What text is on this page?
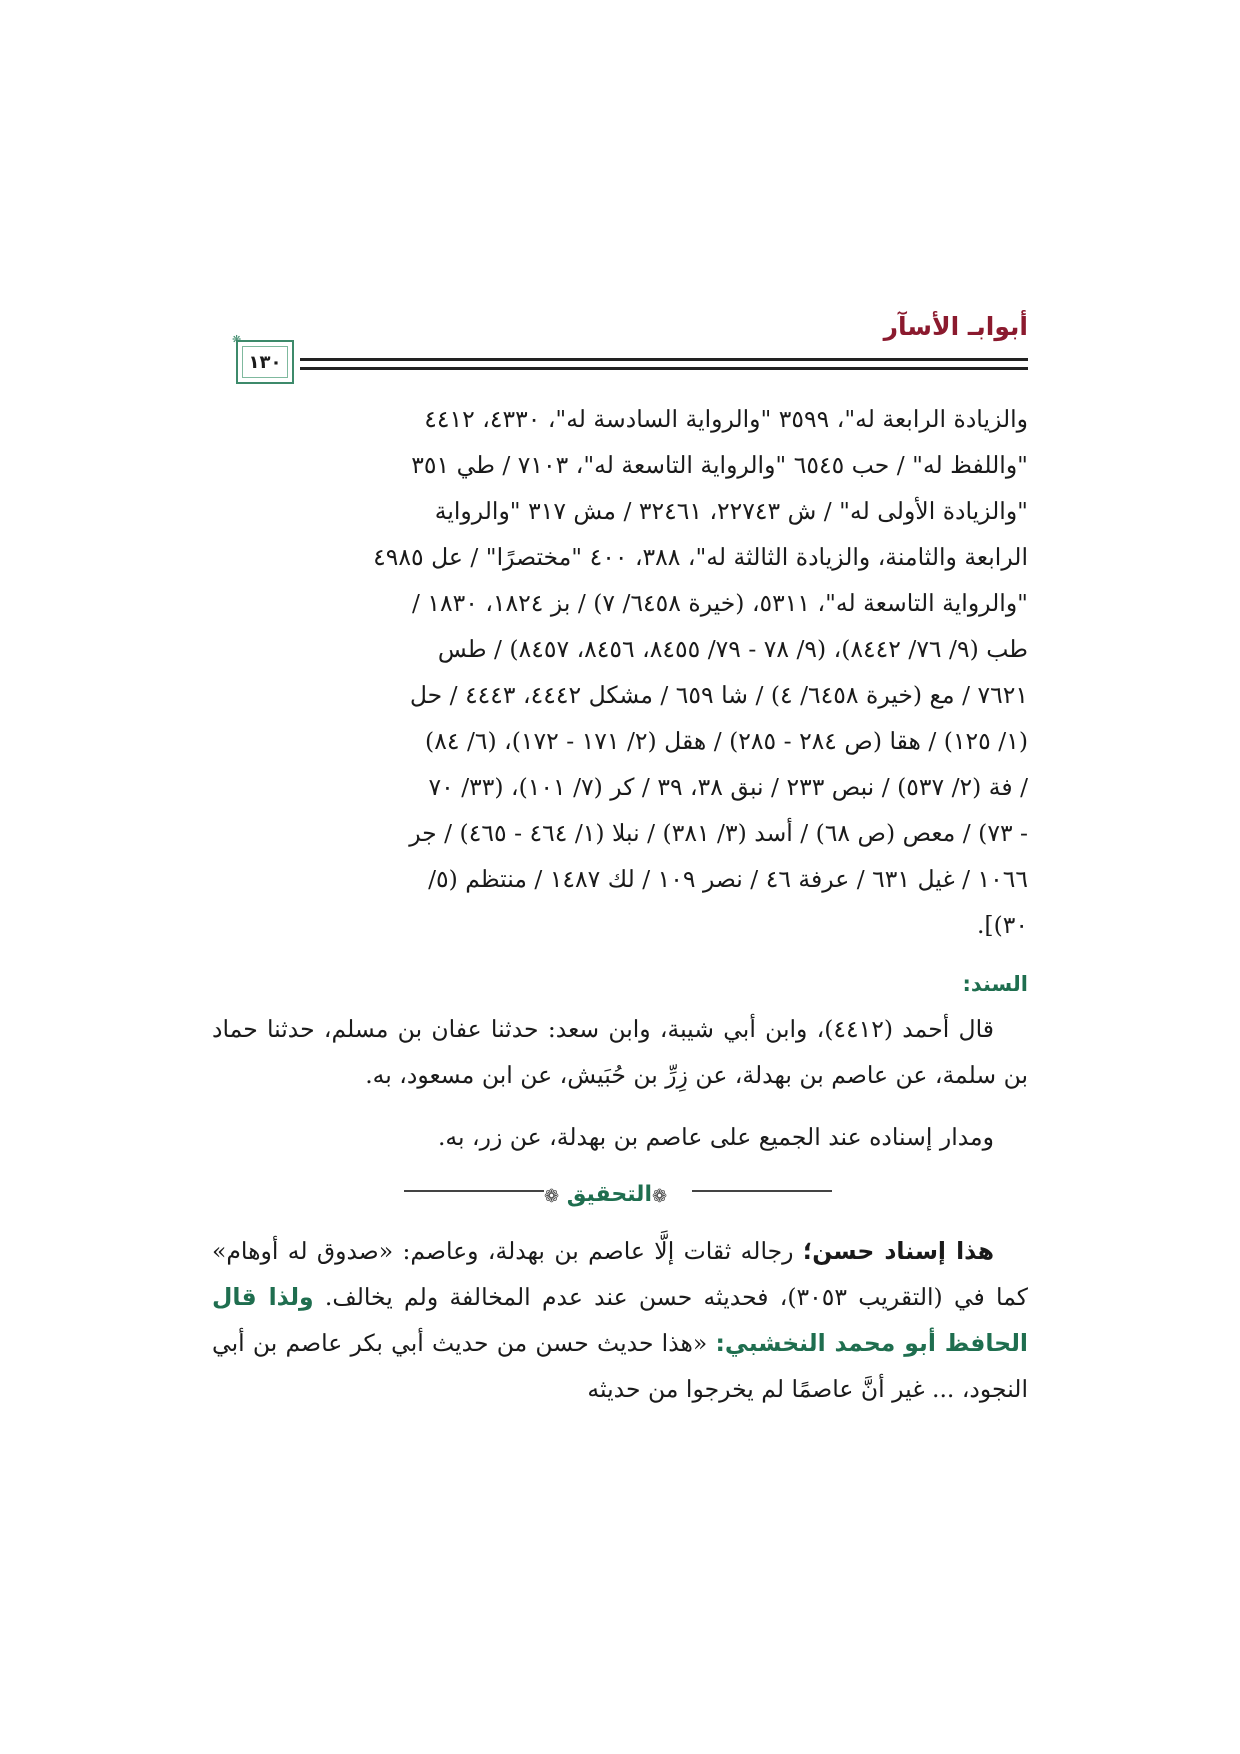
أبوابـ الأسآر
١٣٠
❋
والزيادة الرابعة له"، ٣٥٩٩ "والرواية السادسة له"، ٤٣٣٠، ٤٤١٢
"واللفظ له" / حب ٦٥٤٥ "والرواية التاسعة له"، ٧١٠٣ / طي ٣٥١
"والزيادة الأولى له" / ش ٢٢٧٤٣، ٣٢٤٦١ / مش ٣١٧ "والرواية
الرابعة والثامنة، والزيادة الثالثة له"، ٣٨٨، ٤٠٠ "مختصرًا" / عل ٤٩٨٥
"والرواية التاسعة له"، ٥٣١١، (خيرة ٦٤٥٨/ ٧) / بز ١٨٢٤، ١٨٣٠ /
طب (٩/ ٧٦/ ٨٤٤٢)، (٩/ ٧٨ - ٧٩/ ٨٤٥٥، ٨٤٥٦، ٨٤٥٧) / طس
٧٦٢١ / مع (خيرة ٦٤٥٨/ ٤) / شا ٦٥٩ / مشكل ٤٤٤٢، ٤٤٤٣ / حل
(١/ ١٢٥) / هقا (ص ٢٨٤ - ٢٨٥) / هقل (٢/ ١٧١ - ١٧٢)، (٦/ ٨٤)
/ فة (٢/ ٥٣٧) / نبص ٢٣٣ / نبق ٣٨، ٣٩ / كر (٧/ ١٠١)، (٣٣/ ٧٠
- ٧٣) / معص (ص ٦٨) / أسد (٣/ ٣٨١) / نبلا (١/ ٤٦٤ - ٤٦٥) / جر
١٠٦٦ / غيل ٦٣١ / عرفة ٤٦ / نصر ١٠٩ / لك ١٤٨٧ / منتظم (٥/
٣٠)].
السند:

قال أحمد (٤٤١٢)، وابن أبي شيبة، وابن سعد: حدثنا عفان بن مسلم، حدثنا حماد بن سلمة، عن عاصم بن بهدلة، عن زِرِّ بن حُبَيش، عن ابن مسعود، به.

ومدار إسناده عند الجميع على عاصم بن بهدلة، عن زر، به.

❁ التحقيق ❁

هذا إسناد حسن؛ رجاله ثقات إلَّا عاصم بن بهدلة، وعاصم: «صدوق له أوهام» كما في (التقريب ٣٠٥٣)، فحديثه حسن عند عدم المخالفة ولم يخالف. ولذا قال الحافظ أبو محمد النخشبي: «هذا حديث حسن من حديث أبي بكر عاصم بن أبي النجود، ... غير أنَّ عاصمًا لم يخرجوا من حديثه
